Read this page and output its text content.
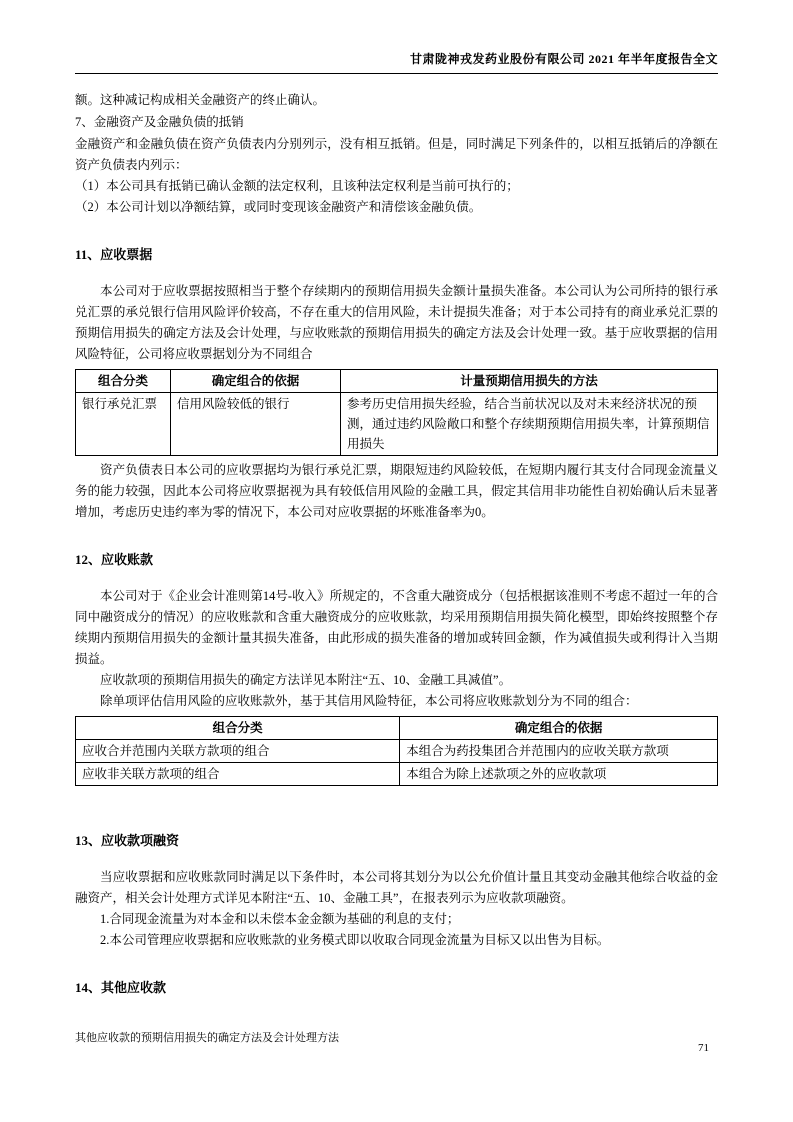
甘肃陇神戎发药业股份有限公司 2021 年半年度报告全文

额。这种减记构成相关金融资产的终止确认。

7、金融资产及金融负债的抵销

金融资产和金融负债在资产负债表内分别列示，没有相互抵销。但是，同时满足下列条件的，以相互抵销后的净额在资产负债表内列示：

（1）本公司具有抵销已确认金额的法定权利，且该种法定权利是当前可执行的；

（2）本公司计划以净额结算，或同时变现该金融资产和清偿该金融负债。

11、应收票据

本公司对于应收票据按照相当于整个存续期内的预期信用损失金额计量损失准备。本公司认为公司所持的银行承兑汇票的承兑银行信用风险评价较高，不存在重大的信用风险，未计提损失准备；对于本公司持有的商业承兑汇票的预期信用损失的确定方法及会计处理，与应收账款的预期信用损失的确定方法及会计处理一致。基于应收票据的信用风险特征，公司将应收票据划分为不同组合

组合分类	确定组合的依据	计量预期信用损失的方法
银行承兑汇票	信用风险较低的银行	参考历史信用损失经验，结合当前状况以及对未来经济状况的预测，通过违约风险敞口和整个存续期预期信用损失率，计算预期信用损失

资产负债表日本公司的应收票据均为银行承兑汇票，期限短违约风险较低，在短期内履行其支付合同现金流量义务的能力较强，因此本公司将应收票据视为具有较低信用风险的金融工具，假定其信用非功能性自初始确认后未显著增加，考虑历史违约率为零的情况下，本公司对应收票据的坏账准备率为0。

12、应收账款

本公司对于《企业会计准则第14号-收入》所规定的，不含重大融资成分（包括根据该准则不考虑不超过一年的合同中融资成分的情况）的应收账款和含重大融资成分的应收账款，均采用预期信用损失简化模型，即始终按照整个存续期内预期信用损失的金额计量其损失准备，由此形成的损失准备的增加或转回金额，作为减值损失或利得计入当期损益。

应收款项的预期信用损失的确定方法详见本附注“五、10、金融工具减值”。

除单项评估信用风险的应收账款外，基于其信用风险特征，本公司将应收账款划分为不同的组合：

组合分类	确定组合的依据
应收合并范围内关联方款项的组合	本组合为药投集团合并范围内的应收关联方款项
应收非关联方款项的组合	本组合为除上述款项之外的应收款项
13、应收款项融资

当应收票据和应收账款同时满足以下条件时，本公司将其划分为以公允价值计量且其变动金融其他综合收益的金融资产，相关会计处理方式详见本附注“五、10、金融工具”，在报表列示为应收款项融资。

1.合同现金流量为对本金和以未偿本金金额为基础的利息的支付；

2.本公司管理应收票据和应收账款的业务模式即以收取合同现金流量为目标又以出售为目标。

14、其他应收款

其他应收款的预期信用损失的确定方法及会计处理方法

71
